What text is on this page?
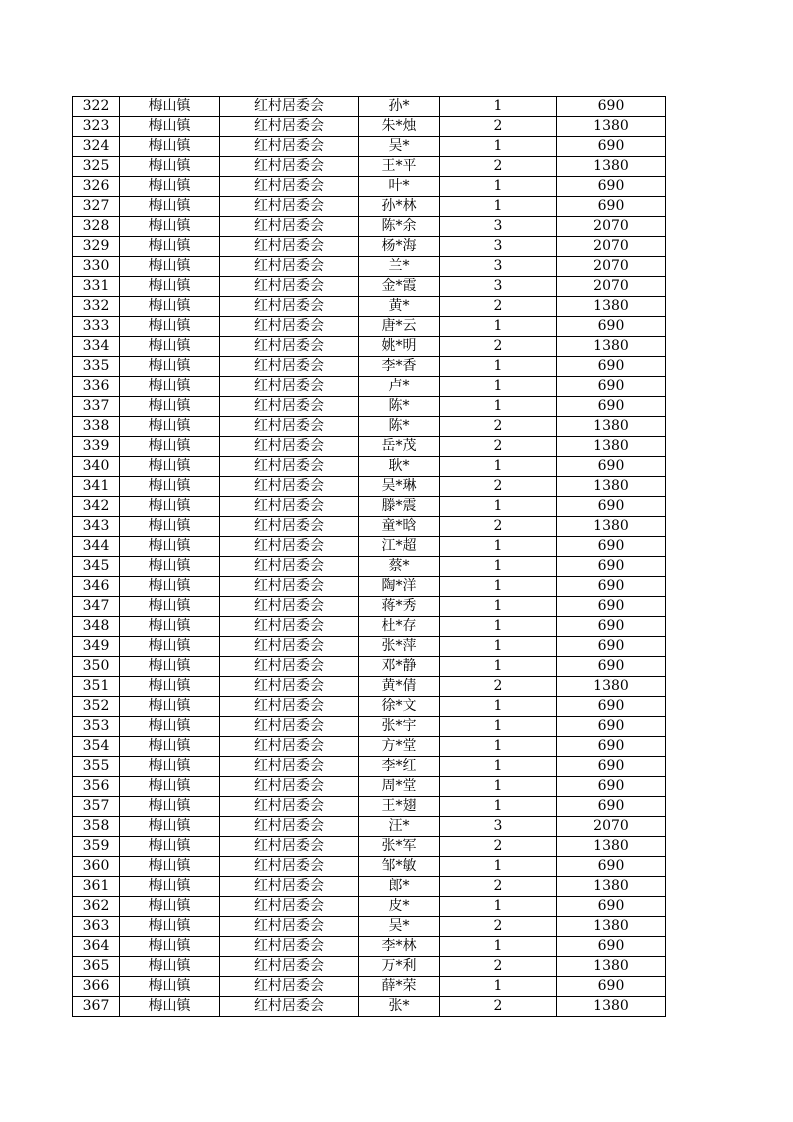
322	梅山镇	红村居委会	孙*	1	690
323	梅山镇	红村居委会	朱*烛	2	1380
324	梅山镇	红村居委会	吴*	1	690
325	梅山镇	红村居委会	王*平	2	1380
326	梅山镇	红村居委会	叶*	1	690
327	梅山镇	红村居委会	孙*林	1	690
328	梅山镇	红村居委会	陈*余	3	2070
329	梅山镇	红村居委会	杨*海	3	2070
330	梅山镇	红村居委会	兰*	3	2070
331	梅山镇	红村居委会	金*霞	3	2070
332	梅山镇	红村居委会	黄*	2	1380
333	梅山镇	红村居委会	唐*云	1	690
334	梅山镇	红村居委会	姚*明	2	1380
335	梅山镇	红村居委会	李*香	1	690
336	梅山镇	红村居委会	卢*	1	690
337	梅山镇	红村居委会	陈*	1	690
338	梅山镇	红村居委会	陈*	2	1380
339	梅山镇	红村居委会	岳*茂	2	1380
340	梅山镇	红村居委会	耿*	1	690
341	梅山镇	红村居委会	吴*琳	2	1380
342	梅山镇	红村居委会	滕*震	1	690
343	梅山镇	红村居委会	童*晗	2	1380
344	梅山镇	红村居委会	江*超	1	690
345	梅山镇	红村居委会	蔡*	1	690
346	梅山镇	红村居委会	陶*洋	1	690
347	梅山镇	红村居委会	蒋*秀	1	690
348	梅山镇	红村居委会	杜*存	1	690
349	梅山镇	红村居委会	张*萍	1	690
350	梅山镇	红村居委会	邓*静	1	690
351	梅山镇	红村居委会	黄*倩	2	1380
352	梅山镇	红村居委会	徐*文	1	690
353	梅山镇	红村居委会	张*宇	1	690
354	梅山镇	红村居委会	方*堂	1	690
355	梅山镇	红村居委会	李*红	1	690
356	梅山镇	红村居委会	周*堂	1	690
357	梅山镇	红村居委会	王*翅	1	690
358	梅山镇	红村居委会	汪*	3	2070
359	梅山镇	红村居委会	张*军	2	1380
360	梅山镇	红村居委会	邹*敏	1	690
361	梅山镇	红村居委会	郎*	2	1380
362	梅山镇	红村居委会	皮*	1	690
363	梅山镇	红村居委会	吴*	2	1380
364	梅山镇	红村居委会	李*林	1	690
365	梅山镇	红村居委会	万*利	2	1380
366	梅山镇	红村居委会	薛*荣	1	690
367	梅山镇	红村居委会	张*	2	1380
